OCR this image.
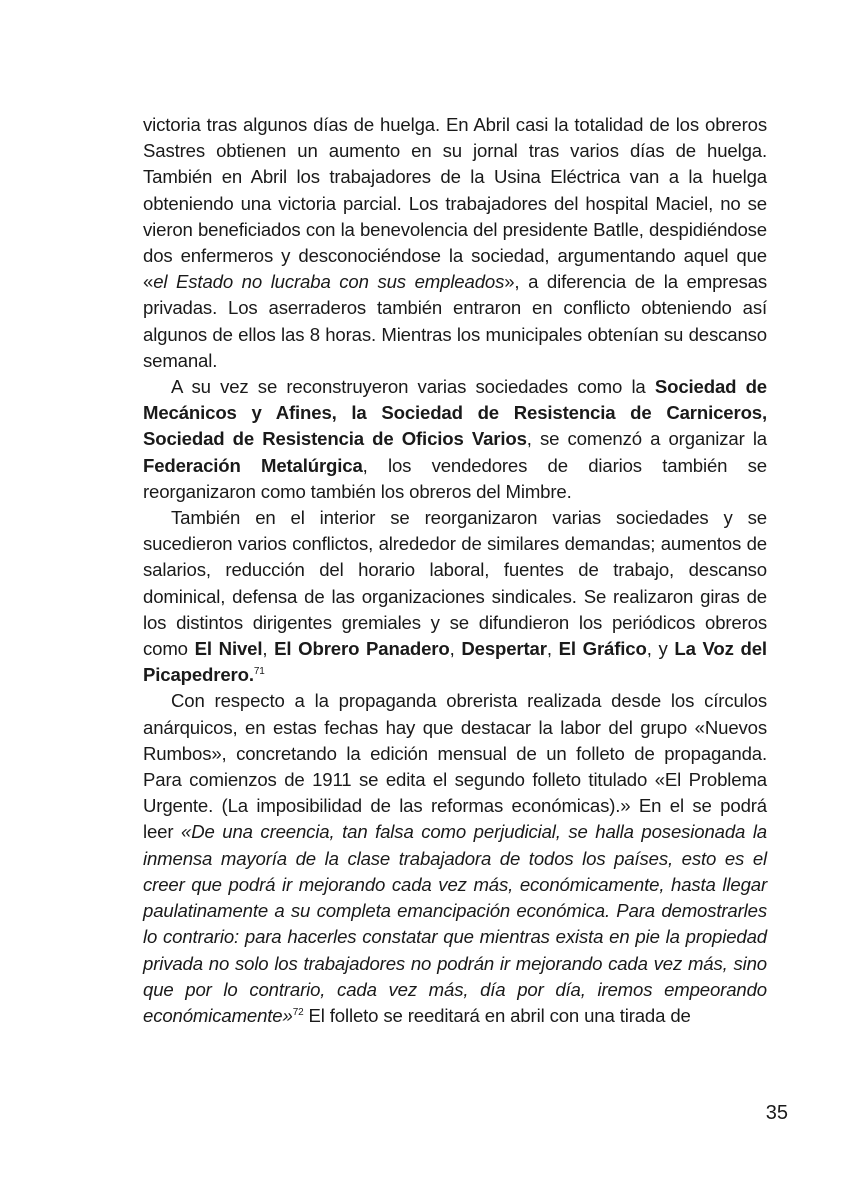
victoria tras algunos días de huelga. En Abril casi la totalidad de los obreros Sastres obtienen un aumento en su jornal tras varios días de huelga. También en Abril los trabajadores de la Usina Eléctrica van a la huelga obteniendo una victoria parcial. Los trabajadores del hospital Maciel, no se vieron beneficiados con la benevolencia del presidente Batlle, despidiéndose dos enfermeros y desconociéndose la sociedad, argumentando aquel que «el Estado no lucraba con sus empleados», a diferencia de la empresas privadas. Los aserraderos también entraron en conflicto obteniendo así algunos de ellos las 8 horas. Mientras los municipales obtenían su descanso semanal.

A su vez se reconstruyeron varias sociedades como la Sociedad de Mecánicos y Afines, la Sociedad de Resistencia de Carniceros, Sociedad de Resistencia de Oficios Varios, se comenzó a organizar la Federación Metalúrgica, los vendedores de diarios también se reorganizaron como también los obreros del Mimbre.

También en el interior se reorganizaron varias sociedades y se sucedieron varios conflictos, alrededor de similares demandas; aumentos de salarios, reducción del horario laboral, fuentes de trabajo, descanso dominical, defensa de las organizaciones sindicales. Se realizaron giras de los distintos dirigentes gremiales y se difundieron los periódicos obreros como El Nivel, El Obrero Panadero, Despertar, El Gráfico, y La Voz del Picapedrero.$^{71}$

Con respecto a la propaganda obrerista realizada desde los círculos anárquicos, en estas fechas hay que destacar la labor del grupo «Nuevos Rumbos», concretando la edición mensual de un folleto de propaganda. Para comienzos de 1911 se edita el segundo folleto titulado «El Problema Urgente. (La imposibilidad de las reformas económicas).» En el se podrá leer «De una creencia, tan falsa como perjudicial, se halla posesionada la inmensa mayoría de la clase trabajadora de todos los países, esto es el creer que podrá ir mejorando cada vez más, económicamente, hasta llegar paulatinamente a su completa emancipación económica. Para demostrarles lo contrario: para hacerles constatar que mientras exista en pie la propiedad privada no solo los trabajadores no podrán ir mejorando cada vez más, sino que por lo contrario, cada vez más, día por día, iremos empeorando económicamente»$^{72}$ El folleto se reeditará en abril con una tirada de

35
